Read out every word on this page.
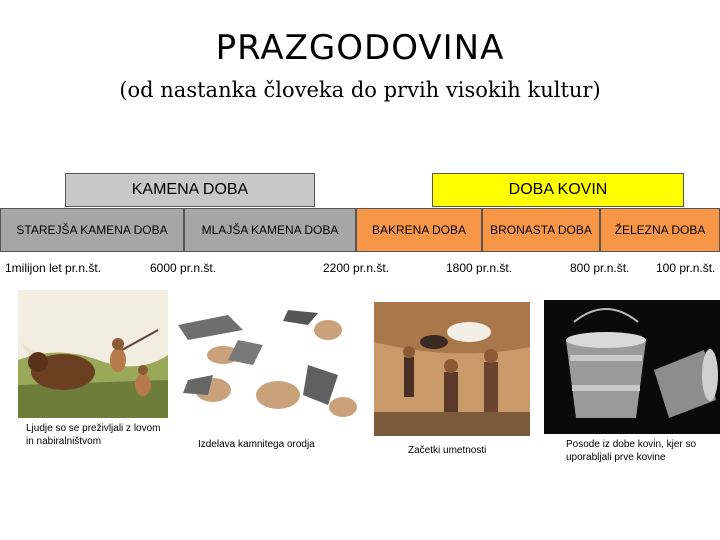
PRAZGODOVINA
(od nastanka človeka do prvih visokih kultur)
KAMENA DOBA	DOBA KOVIN
STAREJŠA KAMENA DOBA	MLAJŠA KAMENA DOBA	BAKRENA DOBA BRONASTA DOBA ŽELEZNA DOBA
1milijon let pr.n.št.	6000 pr.n.št.	2200 pr.n.št.	1800 pr.n.št.	800 pr.n.št. 100 pr.n.št.
Ljudje so se preživljali z lovom in nabiralništvom	Izdelava kamnitega orodja
Začetki umetnosti
Posode iz dobe kovin, kjer so uporabljali prve kovine
